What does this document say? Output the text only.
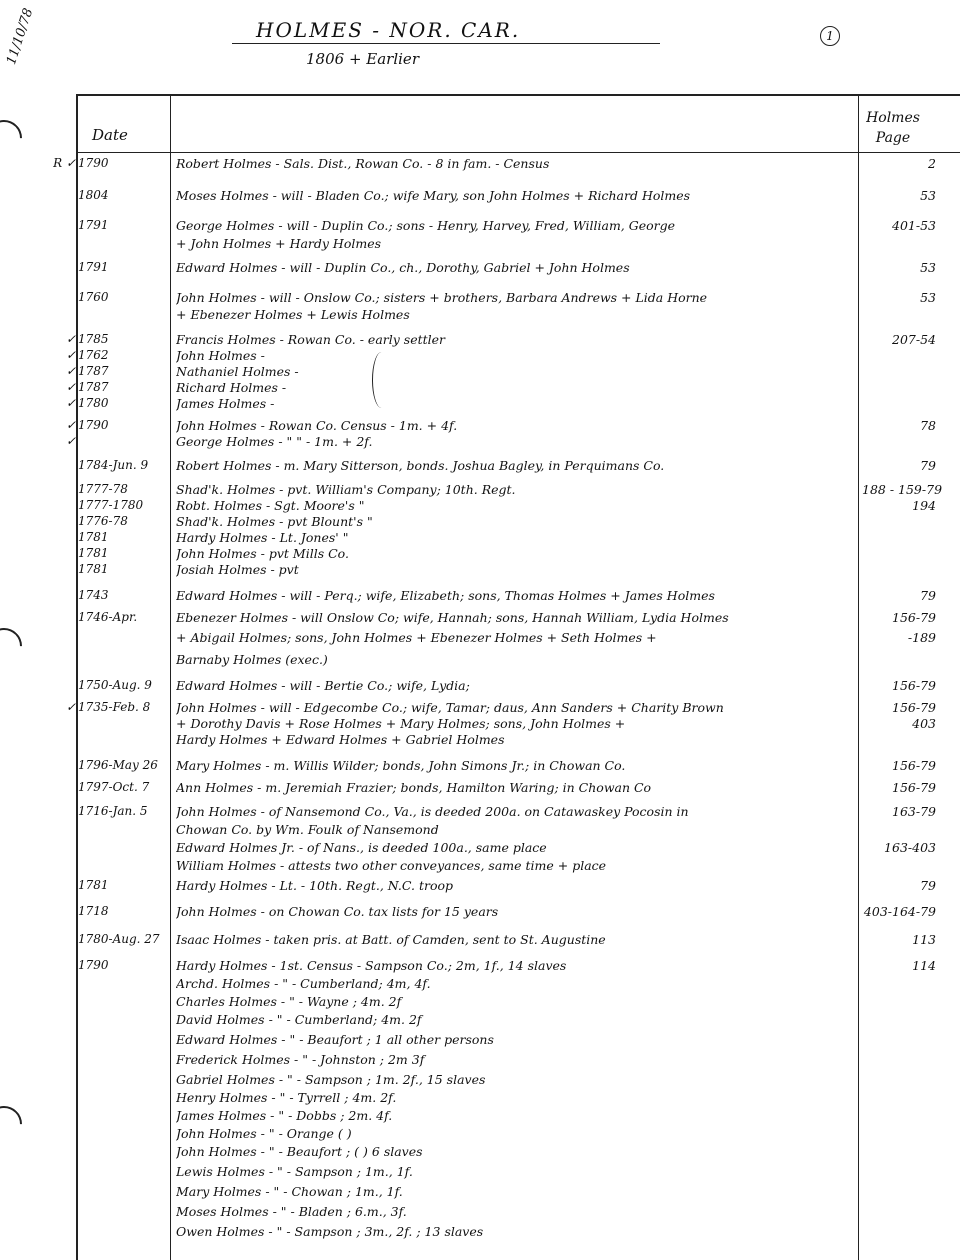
11/10/78	HOLMES - NOR. CAR.
1806 + Earlier
1
Date
Holmes Page
R ✓ 1790	Robert Holmes - Sals. Dist., Rowan Co. - 8 in fam. - Census	2
1804	Moses Holmes - will - Bladen Co.; wife Mary, son John Holmes + Richard Holmes	53
1791	George Holmes - will - Duplin Co.; sons - Henry, Harvey, Fred, William, George	401-53
+ John Holmes + Hardy Holmes
1791	Edward Holmes - will - Duplin Co., ch., Dorothy, Gabriel + John Holmes	53
1760	John Holmes - will - Onslow Co.; sisters + brothers, Barbara Andrews + Lida Horne	53
+ Ebenezer Holmes + Lewis Holmes
✓ 1785	Francis Holmes - Rowan Co. - early settler	207-54
✓ 1762	John Holmes -
✓ 1787	Nathaniel Holmes -
✓ 1787	Richard Holmes -
✓ 1780	James Holmes -
✓ 1790	John Holmes - Rowan Co. Census - 1m. + 4f.	78
✓	George Holmes - " " - 1m. + 2f.
1784-Jun. 9	Robert Holmes - m. Mary Sitterson, bonds. Joshua Bagley, in Perquimans Co.	79
1777-78	Shad'k. Holmes - pvt. William's Company; 10th. Regt.	188 - 159-79
1777-1780	Robt. Holmes - Sgt. Moore's "	194
1776-78	Shad'k. Holmes - pvt Blount's "
1781	Hardy Holmes - Lt. Jones' "
1781	John Holmes - pvt Mills Co.
1781	Josiah Holmes - pvt
1743	Edward Holmes - will - Perq.; wife, Elizabeth; sons, Thomas Holmes + James Holmes	79
1746-Apr.	Ebenezer Holmes - will Onslow Co; wife, Hannah; sons, Hannah William, Lydia Holmes	156-79
+ Abigail Holmes; sons, John Holmes + Ebenezer Holmes + Seth Holmes +	-189
Barnaby Holmes (exec.)
1750-Aug. 9	Edward Holmes - will - Bertie Co.; wife, Lydia;	156-79
✓ 1735-Feb. 8	John Holmes - will - Edgecombe Co.; wife, Tamar; daus, Ann Sanders + Charity Brown	156-79
+ Dorothy Davis + Rose Holmes + Mary Holmes; sons, John Holmes +	403
Hardy Holmes + Edward Holmes + Gabriel Holmes
1796-May 26	Mary Holmes - m. Willis Wilder; bonds, John Simons Jr.; in Chowan Co.	156-79
1797-Oct. 7	Ann Holmes - m. Jeremiah Frazier; bonds, Hamilton Waring; in Chowan Co	156-79
1716-Jan. 5	John Holmes - of Nansemond Co., Va., is deeded 200a. on Catawaskey Pocosin in	163-79
Chowan Co. by Wm. Foulk of Nansemond
Edward Holmes Jr. - of Nans., is deeded 100a., same place	163-403
William Holmes - attests two other conveyances, same time + place
1781	Hardy Holmes - Lt. - 10th. Regt., N.C. troop	79
1718	John Holmes - on Chowan Co. tax lists for 15 years	403-164-79
1780-Aug. 27	Isaac Holmes - taken pris. at Batt. of Camden, sent to St. Augustine	113
1790	Hardy Holmes - 1st. Census - Sampson Co.; 2m, 1f., 14 slaves	114
Archd. Holmes - " - Cumberland; 4m, 4f.
Charles Holmes - " - Wayne ; 4m. 2f
David Holmes - " - Cumberland; 4m. 2f
Edward Holmes - " - Beaufort ; 1 all other persons
Frederick Holmes - " - Johnston ; 2m 3f
Gabriel Holmes - " - Sampson ; 1m. 2f., 15 slaves
Henry Holmes - " - Tyrrell ; 4m. 2f.
James Holmes - " - Dobbs ; 2m. 4f.
John Holmes - " - Orange ( )
John Holmes - " - Beaufort ; ( ) 6 slaves
Lewis Holmes - " - Sampson ; 1m., 1f.
Mary Holmes - " - Chowan ; 1m., 1f.
Moses Holmes - " - Bladen ; 6.m., 3f.
Owen Holmes - " - Sampson ; 3m., 2f. ; 13 slaves
